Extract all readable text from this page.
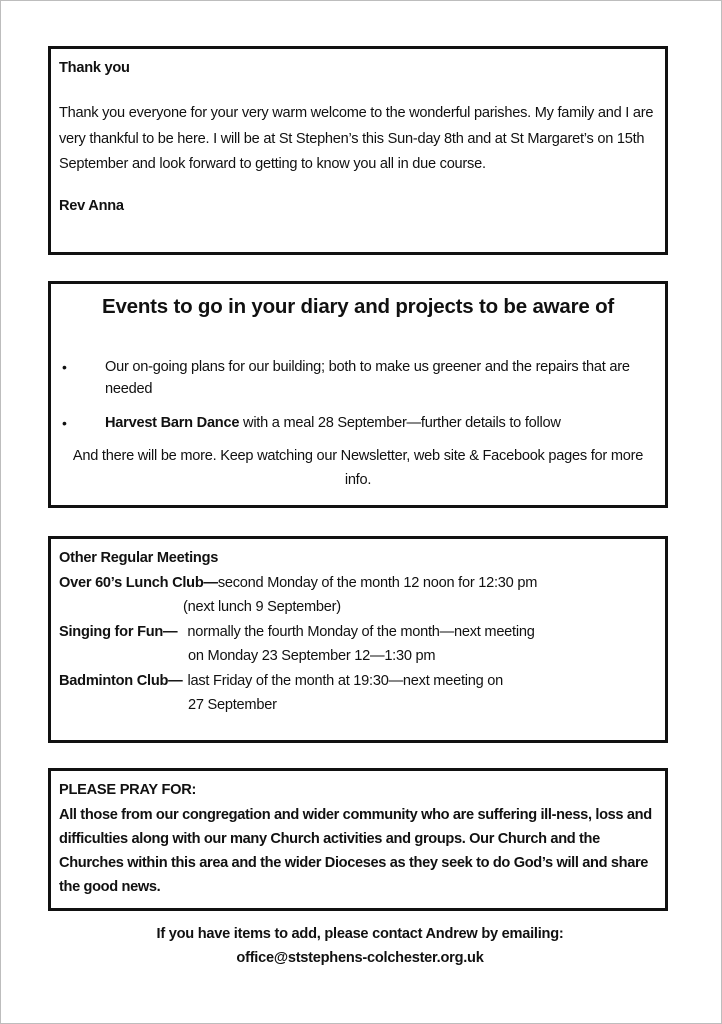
Thank you
Thank you everyone for your very warm welcome to the wonderful parishes. My family and I are very thankful to be here. I will be at St Stephen’s this Sun-day 8th and at St Margaret’s on 15th September and look forward to getting to know you all in due course.
Rev Anna
Events to go in your diary and projects to be aware of
•	Our on-going plans for our building; both to make us greener and the repairs that are needed
•	Harvest Barn Dance with a meal 28 September—further details to follow
And there will be more. Keep watching our Newsletter, web site & Facebook pages for more info.
Other Regular Meetings
Over 60’s Lunch Club— second Monday of the month 12 noon for 12:30 pm
(next lunch 9 September)
Singing for Fun— normally the fourth Monday of the month—next meeting
on Monday 23 September 12—1:30 pm
Badminton Club— last Friday of the month at 19:30—next meeting on
27 September
PLEASE PRAY FOR:
All those from our congregation and wider community who are suffering ill-ness, loss and difficulties along with our many Church activities and groups. Our Church and the Churches within this area and the wider Dioceses as they seek to do God’s will and share the good news.
If you have items to add, please contact Andrew by emailing:
office@ststephens-colchester.org.uk
